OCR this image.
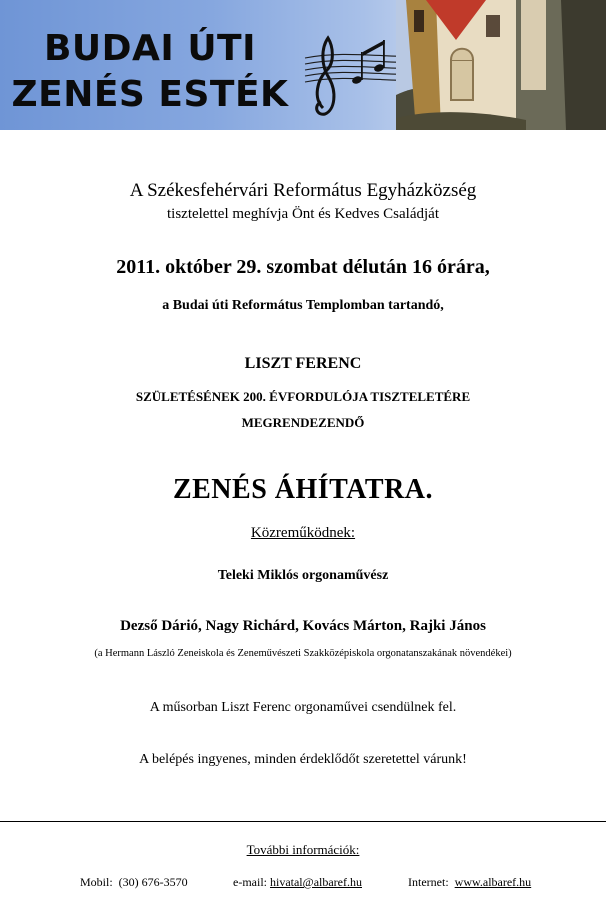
BUDAI ÚTI
ZENÉS ESTÉK
A Székesfehérvári Református Egyházközség
tisztelettel meghívja Önt és Kedves Családját
2011. október 29. szombat délután 16 órára,
a Budai úti Református Templomban tartandó,
LISZT FERENC
SZÜLETÉSÉNEK 200. ÉVFORDULÓJA TISZTELETÉRE
MEGRENDEZENDŐ
ZENÉS ÁHÍTATRA.
Közreműködnek:
Teleki Miklós orgonaművész
Dezső Dárió, Nagy Richárd, Kovács Márton, Rajki János
(a Hermann László Zeneiskola és Zeneművészeti Szakközépiskola orgonatanszakának növendékei)
A műsorban Liszt Ferenc orgonaművei csendülnek fel.
A belépés ingyenes, minden érdeklődőt szeretettel várunk!
További információk:
Mobil: (30) 676-3570	e-mail: hivatal@albaref.hu	Internet: www.albaref.hu
